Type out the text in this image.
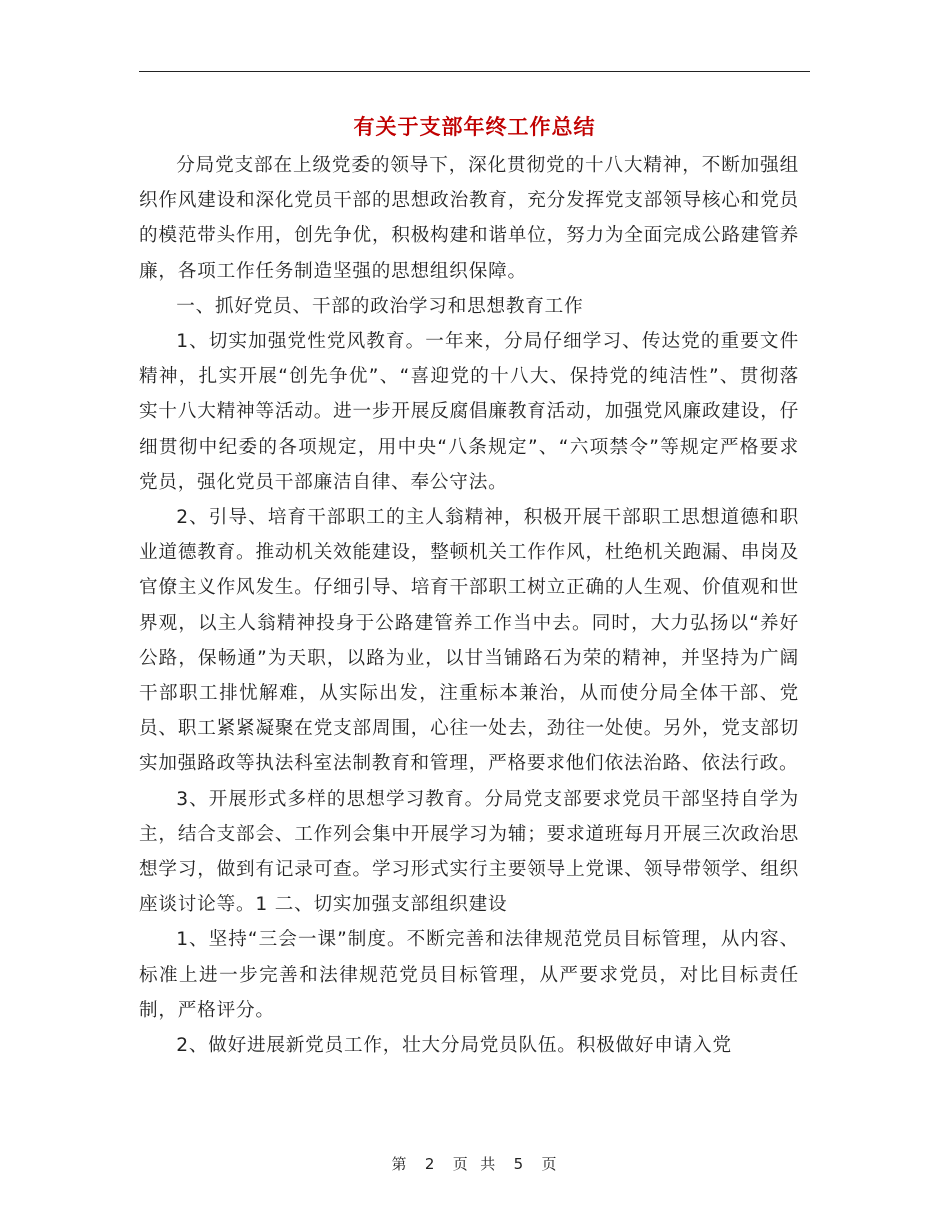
有关于支部年终工作总结

分局党支部在上级党委的领导下，深化贯彻党的十八大精神，不断加强组织作风建设和深化党员干部的思想政治教育，充分发挥党支部领导核心和党员的模范带头作用，创先争优，积极构建和谐单位，努力为全面完成公路建管养廉，各项工作任务制造坚强的思想组织保障。

一、抓好党员、干部的政治学习和思想教育工作

1、切实加强党性党风教育。一年来，分局仔细学习、传达党的重要文件精神，扎实开展“创先争优”、“喜迎党的十八大、保持党的纯洁性”、贯彻落实十八大精神等活动。进一步开展反腐倡廉教育活动，加强党风廉政建设，仔细贯彻中纪委的各项规定，用中央“八条规定”、“六项禁令”等规定严格要求党员，强化党员干部廉洁自律、奉公守法。

2、引导、培育干部职工的主人翁精神，积极开展干部职工思想道德和职业道德教育。推动机关效能建设，整顿机关工作作风，杜绝机关跑漏、串岗及官僚主义作风发生。仔细引导、培育干部职工树立正确的人生观、价值观和世界观，以主人翁精神投身于公路建管养工作当中去。同时，大力弘扬以“养好公路，保畅通”为天职，以路为业，以甘当铺路石为荣的精神，并坚持为广阔干部职工排忧解难，从实际出发，注重标本兼治，从而使分局全体干部、党员、职工紧紧凝聚在党支部周围，心往一处去，劲往一处使。另外，党支部切实加强路政等执法科室法制教育和管理，严格要求他们依法治路、依法行政。

3、开展形式多样的思想学习教育。分局党支部要求党员干部坚持自学为主，结合支部会、工作列会集中开展学习为辅；要求道班每月开展三次政治思想学习，做到有记录可查。学习形式实行主要领导上党课、领导带领学、组织座谈讨论等。1 二、切实加强支部组织建设

1、坚持“三会一课”制度。不断完善和法律规范党员目标管理，从内容、标准上进一步完善和法律规范党员目标管理，从严要求党员，对比目标责任制，严格评分。

2、做好进展新党员工作，壮大分局党员队伍。积极做好申请入党

第 2 页  共 5 页
